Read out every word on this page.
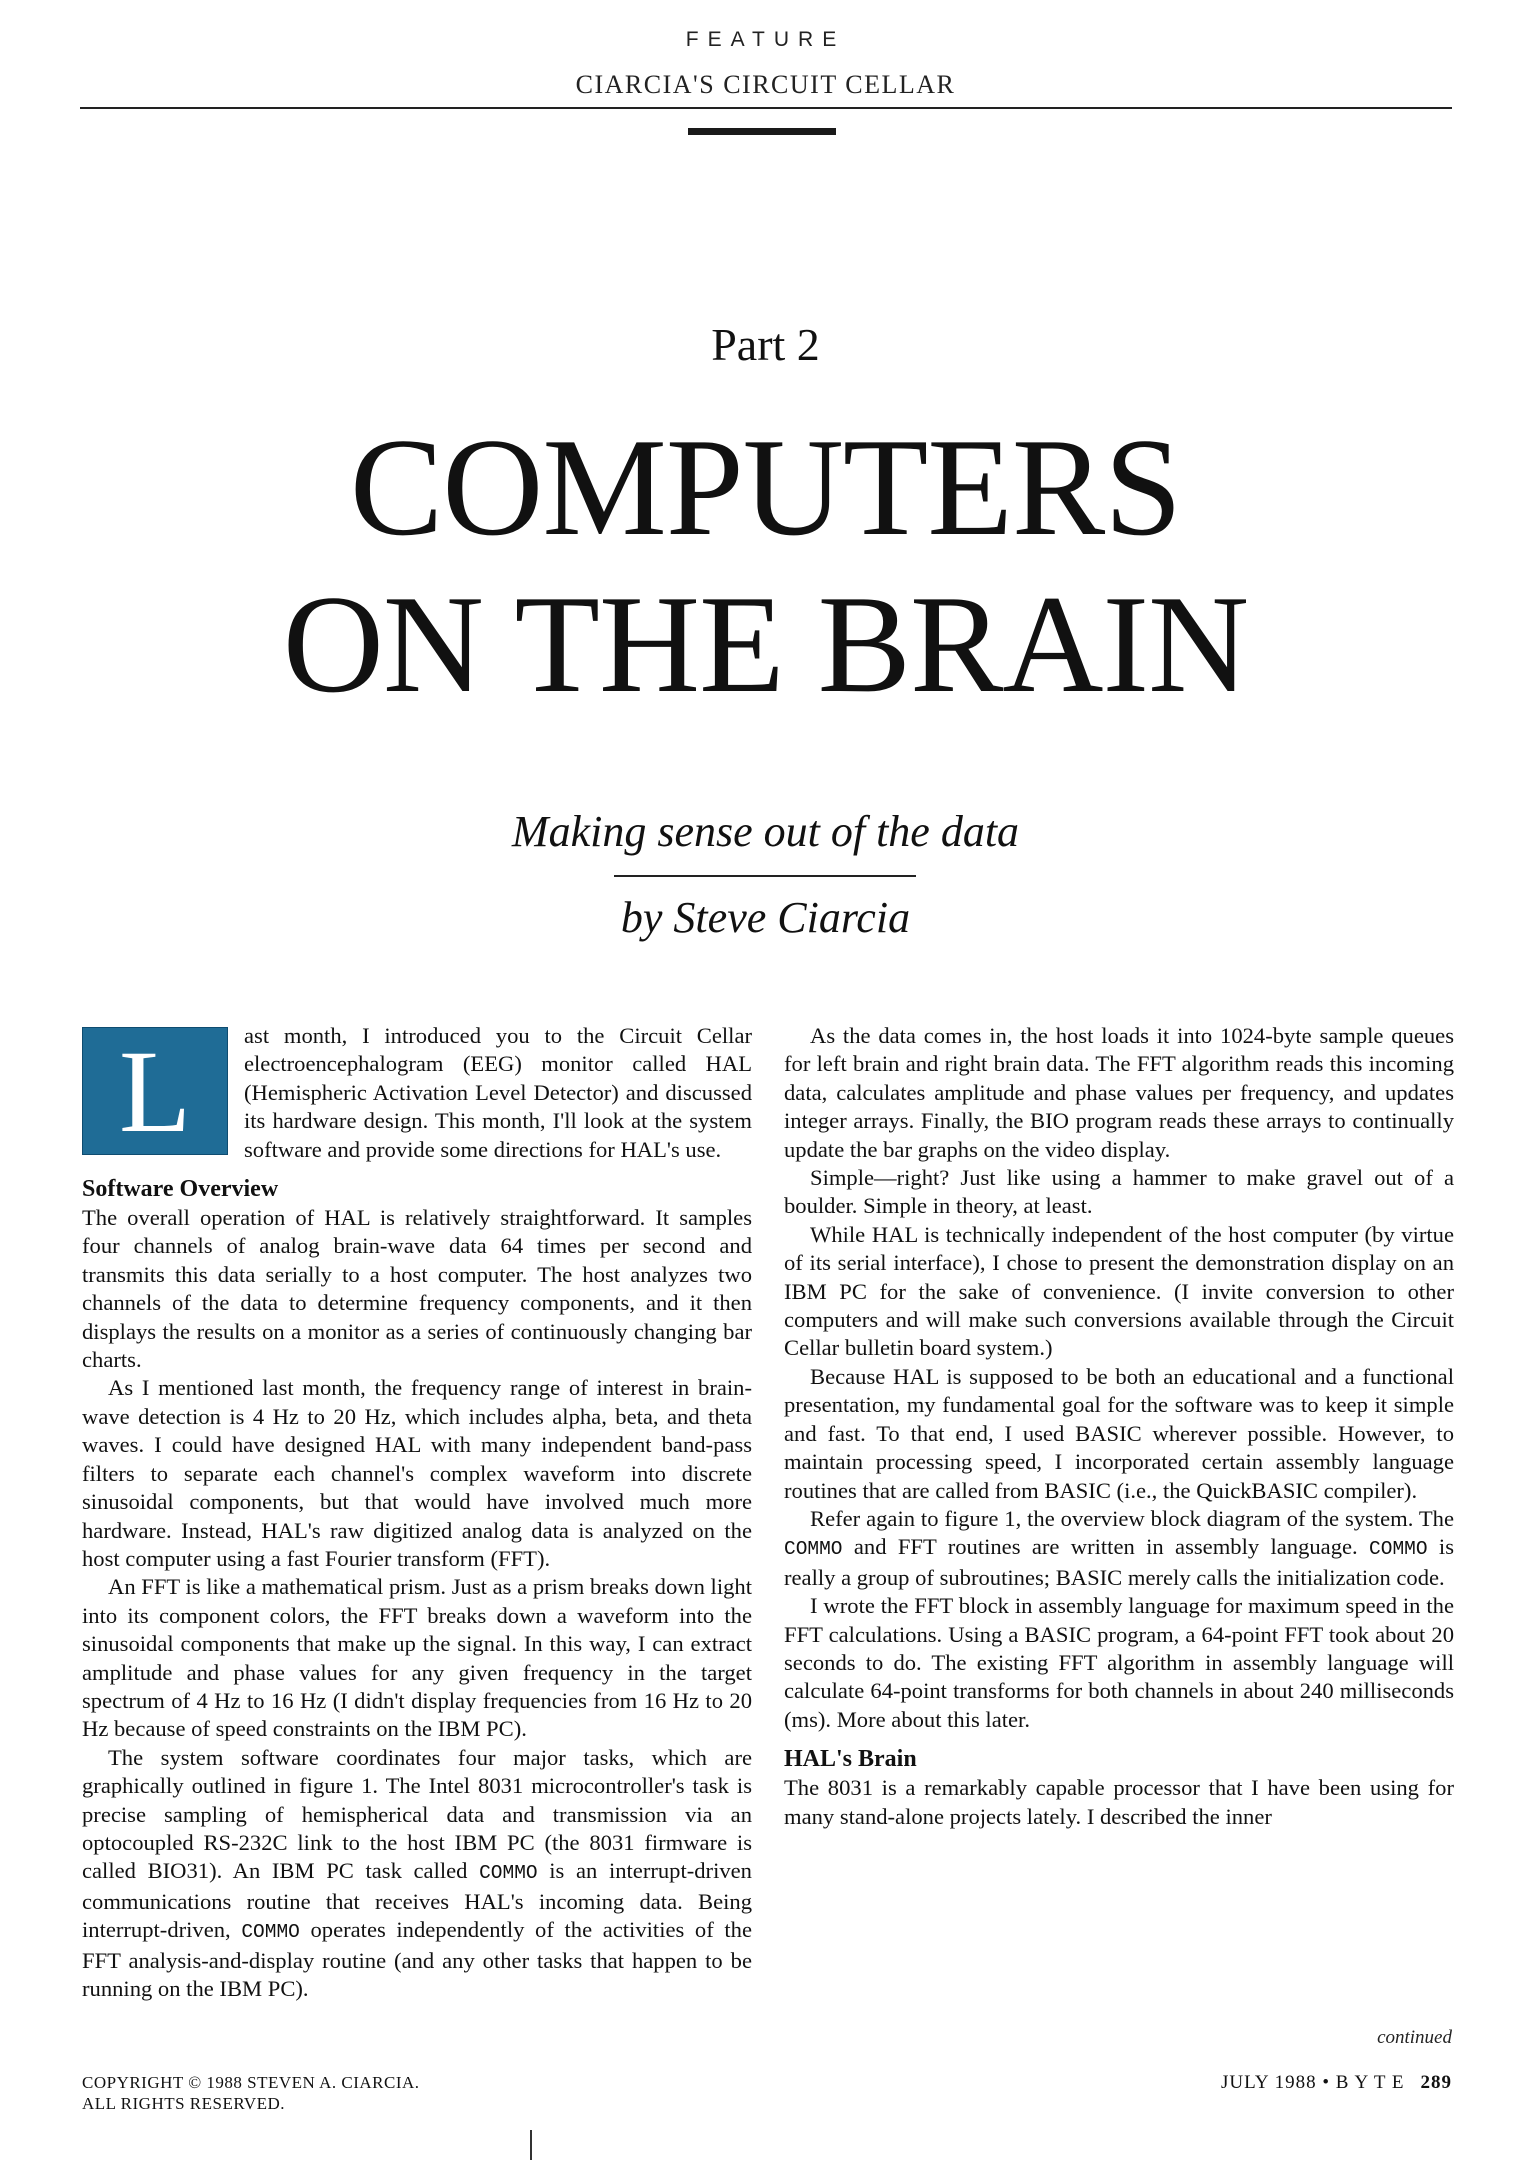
FEATURE
CIARCIA'S CIRCUIT CELLAR
Part 2
COMPUTERS
ON THE BRAIN
Making sense out of the data
by Steve Ciarcia
L	ast month, I introduced you to the Circuit Cellar electroencephalogram (EEG) monitor called HAL (Hemispheric Activation Level Detector) and discussed its hardware design. This month, I'll look at the system software and provide some directions for HAL's use.

Software Overview

The overall operation of HAL is relatively straightforward. It samples four channels of analog brain-wave data 64 times per second and transmits this data serially to a host computer. The host analyzes two channels of the data to determine frequency components, and it then displays the results on a monitor as a series of continuously changing bar charts.

As I mentioned last month, the frequency range of interest in brain-wave detection is 4 Hz to 20 Hz, which includes alpha, beta, and theta waves. I could have designed HAL with many independent band-pass filters to separate each channel's complex waveform into discrete sinusoidal components, but that would have involved much more hardware. Instead, HAL's raw digitized analog data is analyzed on the host computer using a fast Fourier transform (FFT).

An FFT is like a mathematical prism. Just as a prism breaks down light into its component colors, the FFT breaks down a waveform into the sinusoidal components that make up the signal. In this way, I can extract amplitude and phase values for any given frequency in the target spectrum of 4 Hz to 16 Hz (I didn't display frequencies from 16 Hz to 20 Hz because of speed constraints on the IBM PC).

The system software coordinates four major tasks, which are graphically outlined in figure 1. The Intel 8031 microcontroller's task is precise sampling of hemispherical data and transmission via an optocoupled RS-232C link to the host IBM PC (the 8031 firmware is called BIO31). An IBM PC task called COMMO is an interrupt-driven communications routine that receives HAL's incoming data. Being interrupt-driven, COMMO operates independently of the activities of the FFT analysis-and-display routine (and any other tasks that happen to be running on the IBM PC).

As the data comes in, the host loads it into 1024-byte sample queues for left brain and right brain data. The FFT algorithm reads this incoming data, calculates amplitude and phase values per frequency, and updates integer arrays. Finally, the BIO program reads these arrays to continually update the bar graphs on the video display.

Simple—right? Just like using a hammer to make gravel out of a boulder. Simple in theory, at least.

While HAL is technically independent of the host computer (by virtue of its serial interface), I chose to present the demonstration display on an IBM PC for the sake of convenience. (I invite conversion to other computers and will make such conversions available through the Circuit Cellar bulletin board system.)

Because HAL is supposed to be both an educational and a functional presentation, my fundamental goal for the software was to keep it simple and fast. To that end, I used BASIC wherever possible. However, to maintain processing speed, I incorporated certain assembly language routines that are called from BASIC (i.e., the QuickBASIC compiler).

Refer again to figure 1, the overview block diagram of the system. The COMMO and FFT routines are written in assembly language. COMMO is really a group of subroutines; BASIC merely calls the initialization code.

I wrote the FFT block in assembly language for maximum speed in the FFT calculations. Using a BASIC program, a 64-point FFT took about 20 seconds to do. The existing FFT algorithm in assembly language will calculate 64-point transforms for both channels in about 240 milliseconds (ms). More about this later.

HAL's Brain

The 8031 is a remarkably capable processor that I have been using for many stand-alone projects lately. I described the inner

continued
COPYRIGHT © 1988 STEVEN A. CIARCIA.
ALL RIGHTS RESERVED.
JULY 1988 • B Y T E 289
